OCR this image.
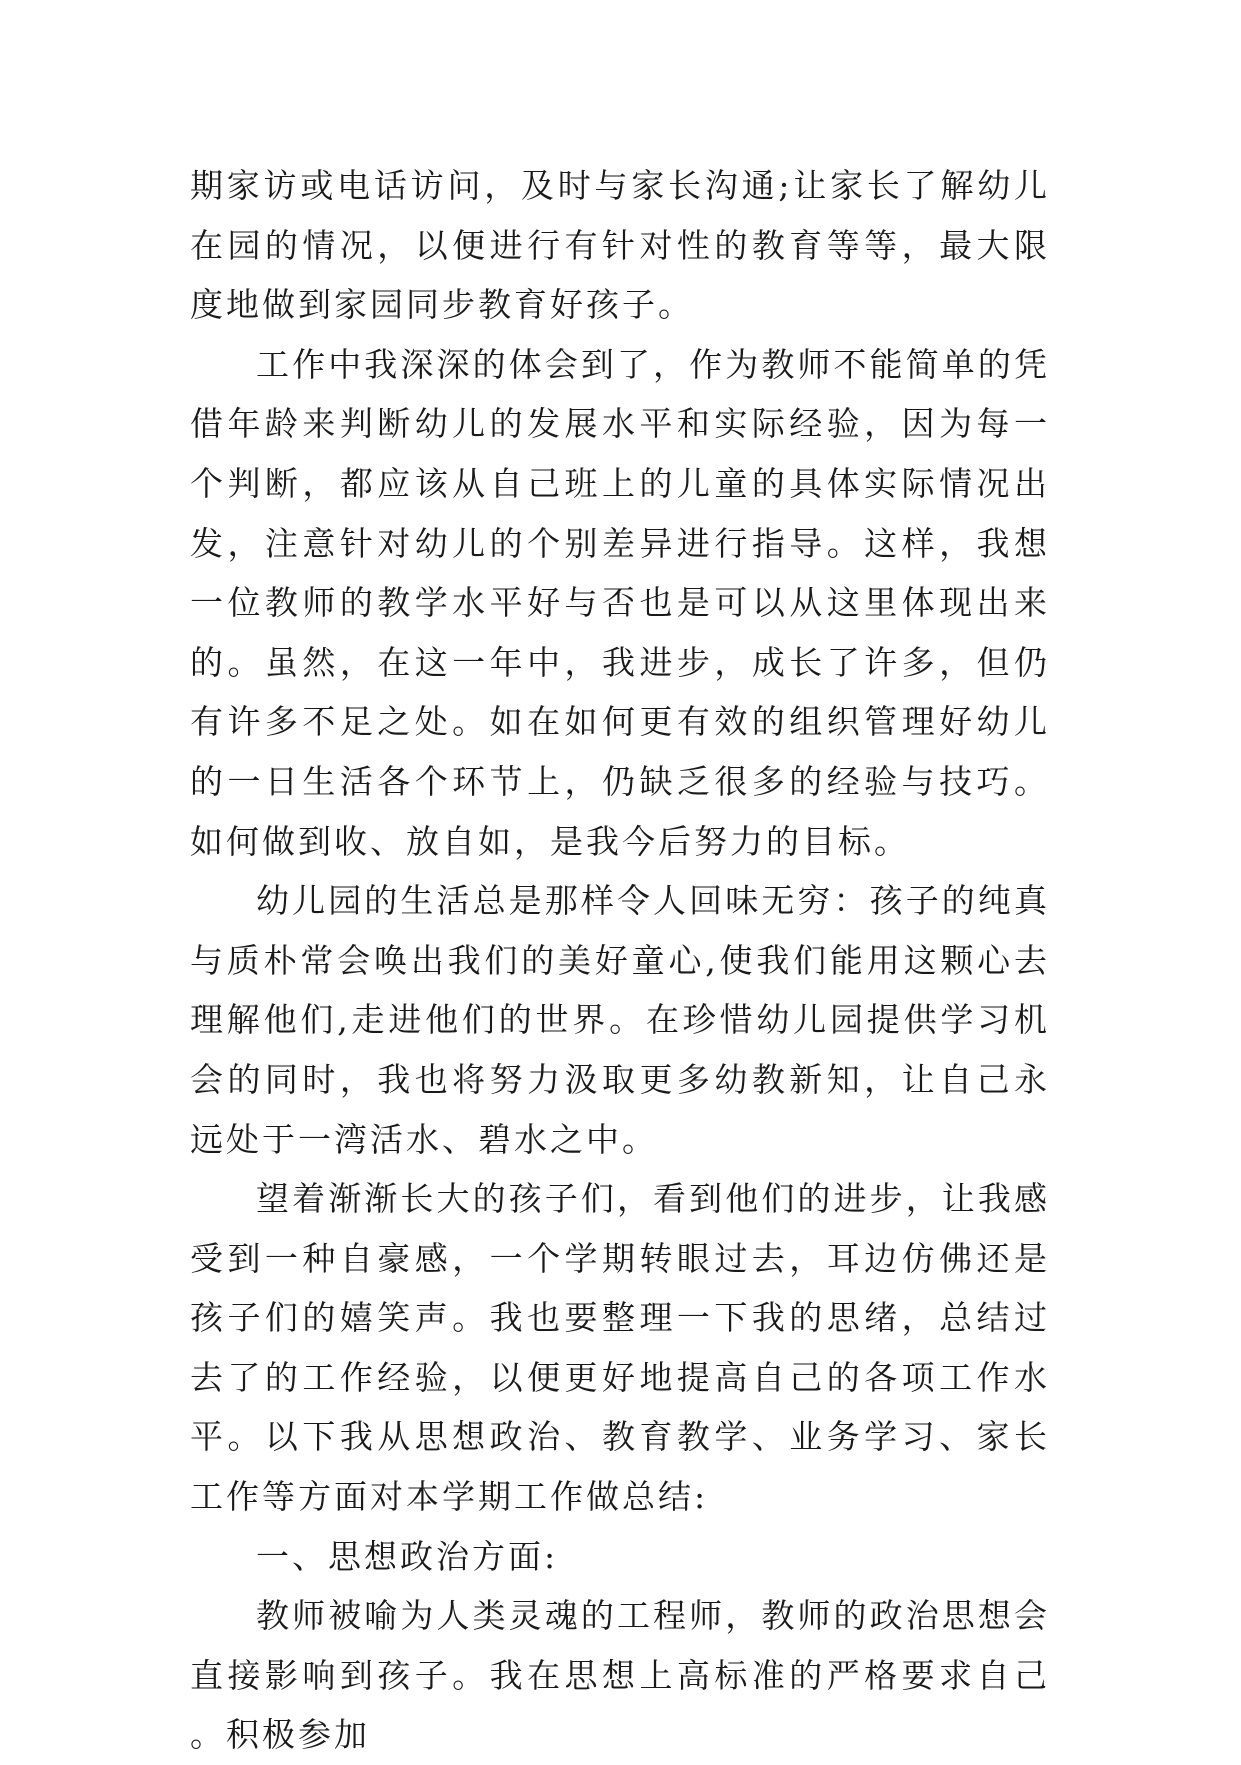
期家访或电话访问，及时与家长沟通;让家长了解幼儿在园的情况，以便进行有针对性的教育等等，最大限度地做到家园同步教育好孩子。

工作中我深深的体会到了，作为教师不能简单的凭借年龄来判断幼儿的发展水平和实际经验，因为每一个判断，都应该从自己班上的儿童的具体实际情况出发，注意针对幼儿的个别差异进行指导。这样，我想一位教师的教学水平好与否也是可以从这里体现出来的。虽然，在这一年中，我进步，成长了许多，但仍有许多不足之处。如在如何更有效的组织管理好幼儿的一日生活各个环节上，仍缺乏很多的经验与技巧。如何做到收、放自如，是我今后努力的目标。

幼儿园的生活总是那样令人回味无穷：孩子的纯真与质朴常会唤出我们的美好童心,使我们能用这颗心去理解他们,走进他们的世界。在珍惜幼儿园提供学习机会的同时，我也将努力汲取更多幼教新知，让自己永远处于一湾活水、碧水之中。

望着渐渐长大的孩子们，看到他们的进步，让我感受到一种自豪感，一个学期转眼过去，耳边仿佛还是孩子们的嬉笑声。我也要整理一下我的思绪，总结过去了的工作经验，以便更好地提高自己的各项工作水平。以下我从思想政治、教育教学、业务学习、家长工作等方面对本学期工作做总结:

一、思想政治方面:

教师被喻为人类灵魂的工程师，教师的政治思想会直接影响到孩子。我在思想上高标准的严格要求自己。积极参加
